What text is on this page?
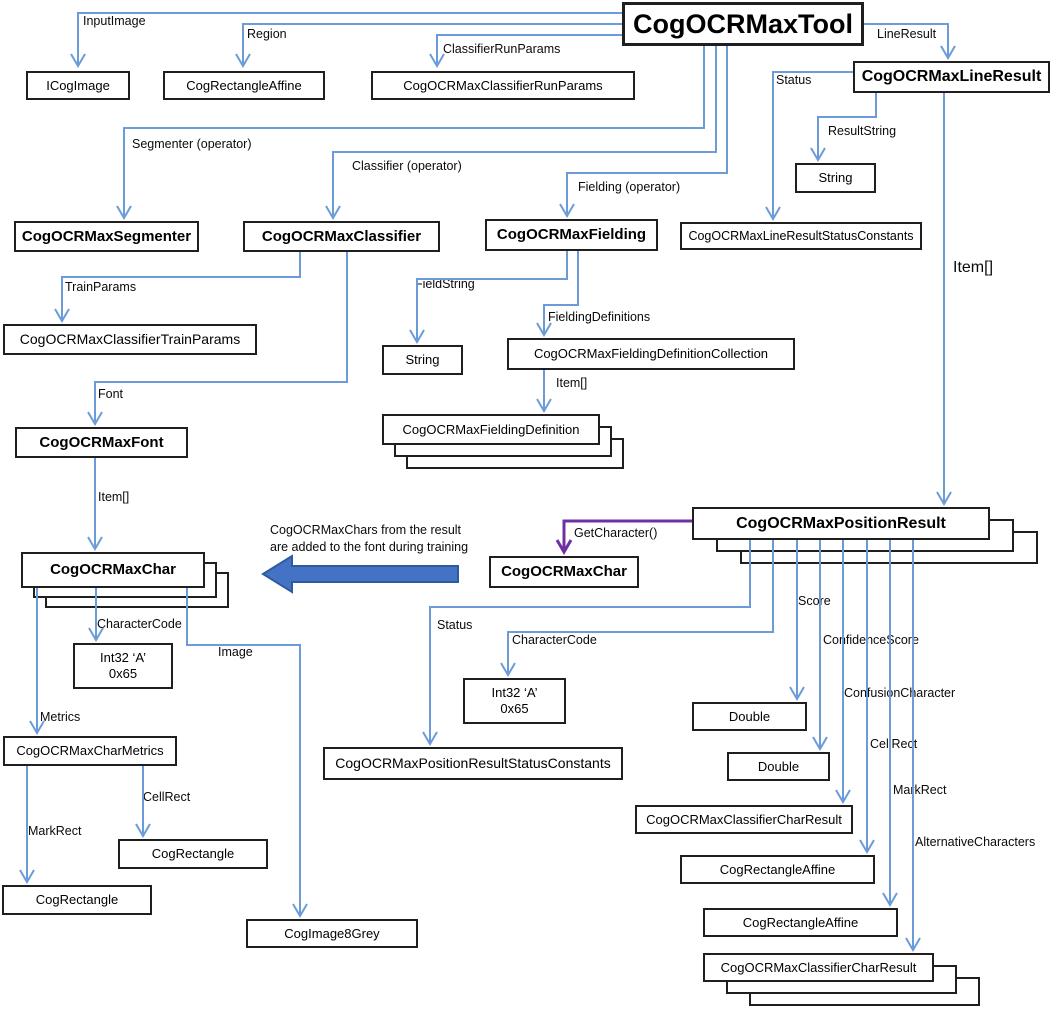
CogOCRMaxTool
ICogImage	CogRectangleAffine	CogOCRMaxClassifierRunParams	CogOCRMaxLineResult
String
CogOCRMaxSegmenter	CogOCRMaxClassifier	CogOCRMaxFielding	CogOCRMaxLineResultStatusConstants
CogOCRMaxClassifierTrainParams
String	CogOCRMaxFieldingDefinitionCollection
CogOCRMaxFieldingDefinition
CogOCRMaxFont
CogOCRMaxChar	CogOCRMaxChar
CogOCRMaxPositionResult
Int32 ‘A’
0x65
Int32 ‘A’
0x65
CogOCRMaxCharMetrics
CogOCRMaxPositionResultStatusConstants
Double
Double
CogOCRMaxClassifierCharResult
CogRectangleAffine
CogRectangleAffine
CogOCRMaxClassifierCharResult
CogRectangle
CogRectangle
CogImage8Grey
InputImage
Region
ClassifierRunParams
LineResult
Status
ResultString
Segmenter (operator)
Classifier (operator)
Fielding (operator)
Item[]
TrainParams	FieldString
FieldingDefinitions
Item[]
Font
Item[]
CogOCRMaxChars from the result
are added to the font during training
GetCharacter()
Status
CharacterCode
CharacterCode
Image
Metrics
CellRect
MarkRect
Score
ConfidenceScore
ConfusionCharacter
CellRect
MarkRect
AlternativeCharacters
